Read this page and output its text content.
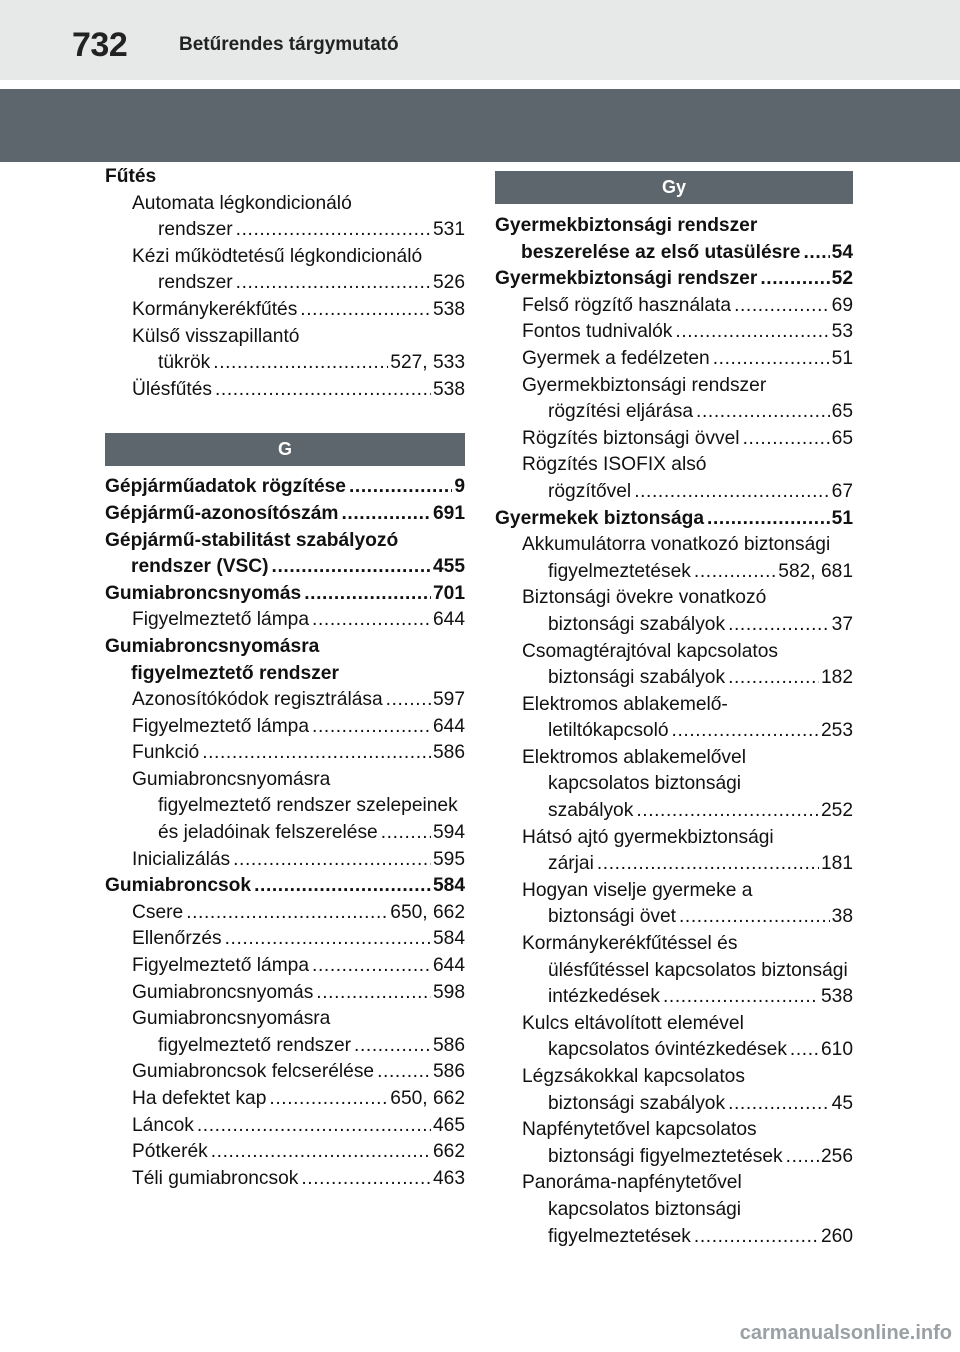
732	Betűrendes tárgymutató
Fűtés
Automata légkondicionáló
rendszer .....	531
Kézi működtetésű légkondicionáló
rendszer .....	526
Kormánykerékfűtés .....	538
Külső visszapillantó
tükrök .....	527, 533
Ülésfűtés .....	538
G
Gépjárműadatok rögzítése .....	9
Gépjármű-azonosítószám .....	691
Gépjármű-stabilitást szabályozó
rendszer (VSC) .....	455
Gumiabroncsnyomás .....	701
Figyelmeztető lámpa .....	644
Gumiabroncsnyomásra
figyelmeztető rendszer
Azonosítókódok regisztrálása .....	597
Figyelmeztető lámpa .....	644
Funkció .....	586
Gumiabroncsnyomásra
figyelmeztető rendszer szelepeinek
és jeladóinak felszerelése .....	594
Inicializálás .....	595
Gumiabroncsok .....	584
Csere .....	650, 662
Ellenőrzés .....	584
Figyelmeztető lámpa .....	644
Gumiabroncsnyomás .....	598
Gumiabroncsnyomásra
figyelmeztető rendszer .....	586
Gumiabroncsok felcserélése .....	586
Ha defektet kap .....	650, 662
Láncok .....	465
Pótkerék .....	662
Téli gumiabroncsok .....	463
Gy
Gyermekbiztonsági rendszer
beszerelése az első utasülésre ..... 54
Gyermekbiztonsági rendszer .....	52
Felső rögzítő használata .....	69
Fontos tudnivalók .....	53
Gyermek a fedélzeten .....	51
Gyermekbiztonsági rendszer
rögzítési eljárása .....	65
Rögzítés biztonsági övvel .....	65
Rögzítés ISOFIX alsó
rögzítővel .....	67
Gyermekek biztonsága .....	51
Akkumulátorra vonatkozó biztonsági
figyelmeztetések .....	582, 681
Biztonsági övekre vonatkozó
biztonsági szabályok .....	37
Csomagtérajtóval kapcsolatos
biztonsági szabályok .....	182
Elektromos ablakemelő-
letiltókapcsoló .....	253
Elektromos ablakemelővel
kapcsolatos biztonsági
szabályok .....	252
Hátsó ajtó gyermekbiztonsági
zárjai .....	181
Hogyan viselje gyermeke a
biztonsági övet .....	38
Kormánykerékfűtéssel és
ülésfűtéssel kapcsolatos biztonsági
intézkedések .....	538
Kulcs eltávolított elemével
kapcsolatos óvintézkedések ..... 610
Légzsákokkal kapcsolatos
biztonsági szabályok .....	45
Napfénytetővel kapcsolatos
biztonsági figyelmeztetések ..... 256
Panoráma-napfénytetővel
kapcsolatos biztonsági
figyelmeztetések .....	260
carmanualsonline.info
